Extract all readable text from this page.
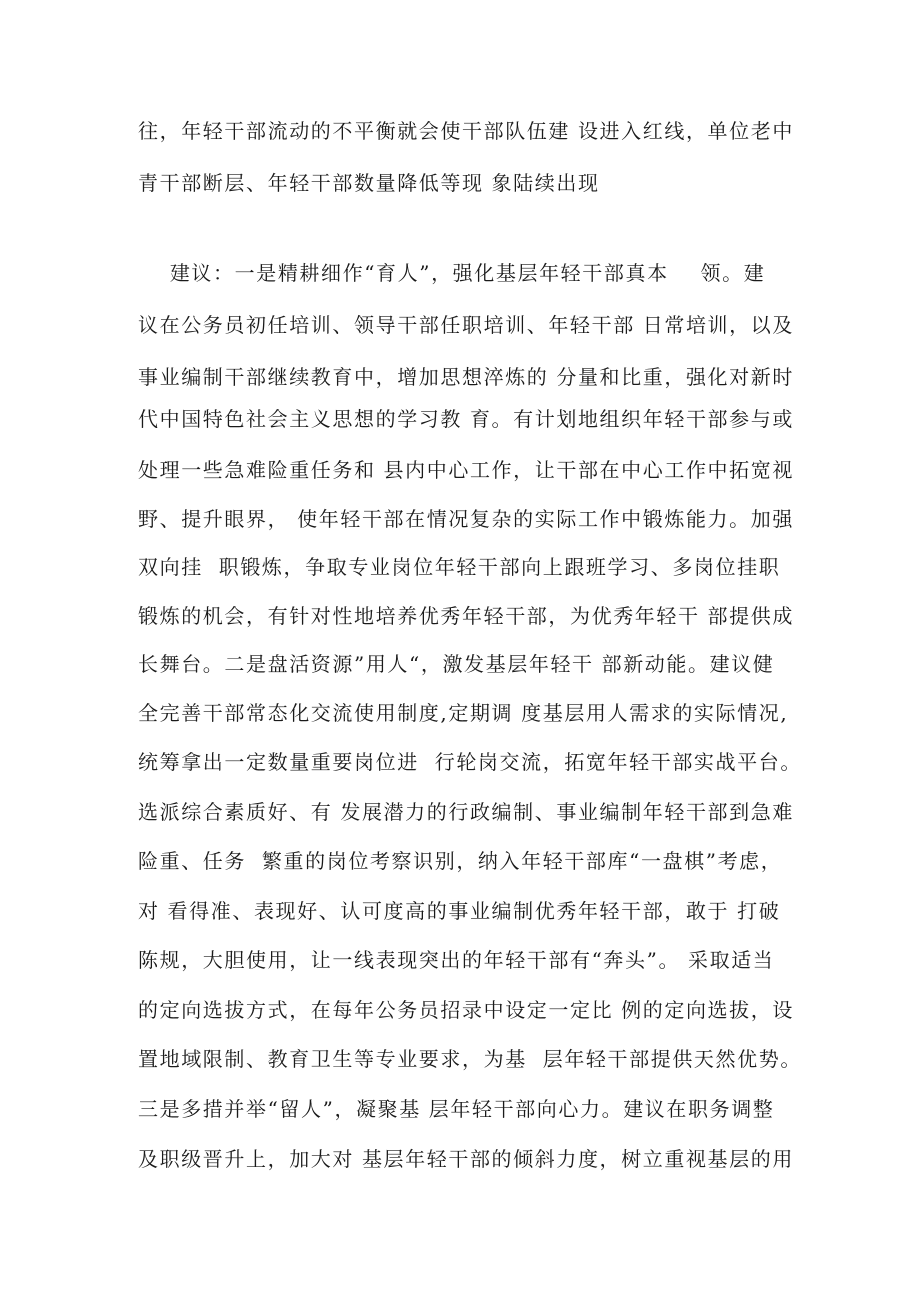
往，年轻干部流动的不平衡就会使干部队伍建 设进入红线，单位老中
青干部断层、年轻干部数量降低等现 象陆续出现
建议：一是精耕细作“育人”，强化基层年轻干部真本    领。建
议在公务员初任培训、领导干部任职培训、年轻干部 日常培训，以及
事业编制干部继续教育中，增加思想淬炼的 分量和比重，强化对新时
代中国特色社会主义思想的学习教 育。有计划地组织年轻干部参与或
处理一些急难险重任务和 县内中心工作，让干部在中心工作中拓宽视
野、提升眼界， 使年轻干部在情况复杂的实际工作中锻炼能力。加强
双向挂  职锻炼，争取专业岗位年轻干部向上跟班学习、多岗位挂职
锻炼的机会，有针对性地培养优秀年轻干部，为优秀年轻干 部提供成
长舞台。二是盘活资源”用人“，激发基层年轻干 部新动能。建议健
全完善干部常态化交流使用制度,定期调 度基层用人需求的实际情况,
统筹拿出一定数量重要岗位进  行轮岗交流，拓宽年轻干部实战平台。
选派综合素质好、有 发展潜力的行政编制、事业编制年轻干部到急难
险重、任务  繁重的岗位考察识别，纳入年轻干部库“一盘棋”考虑，
对 看得准、表现好、认可度高的事业编制优秀年轻干部，敢于 打破
陈规，大胆使用，让一线表现突出的年轻干部有“奔头”。 采取适当
的定向选拔方式，在每年公务员招录中设定一定比 例的定向选拔，设
置地域限制、教育卫生等专业要求，为基  层年轻干部提供天然优势。
三是多措并举“留人”，凝聚基 层年轻干部向心力。建议在职务调整
及职级晋升上，加大对 基层年轻干部的倾斜力度，树立重视基层的用
